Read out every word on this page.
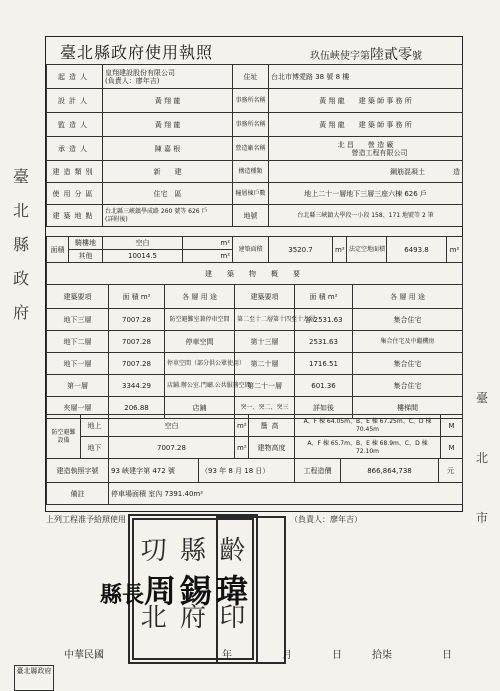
臺北縣政府使用執照	玖伍峽使字第陸貳零號
起造人	皇翔建設股份有限公司
(負責人：廖年吉)	住址	台北市博愛路 38 號 8 樓
設計人	黃 翔 龍	事務所名稱	黃 翔 龍　　建 築 師 事 務 所
監造人	黃 翔 龍	事務所名稱	黃 翔 龍　　建 築 師 事 務 所
承造人	陳 嘉 根	營造廠名稱	北 昌　　 營 造 廠
　　　　營造工程有限公司
建造類別	新　　建	構造種類	鋼筋混凝土　　　　造
使用分區	住宅　區	幢層棟戶數	地上二十一層地下三層三座六棟 626 戶
建築地點	台北縣三峽鎮學成路 260 號等 626 戶
(詳附後)	地號	台北縣三峽鎮大學段一小段 158、171 地號等 2 筆
面積	騎樓地	空白	m²	建築面積	3520.7	m²	法定空地面積	6493.8	m²
	其他	10014.5	m²						
建　築　物　概　要					
建築要項	面 積 m²	各 層 用 途	建築要項	面 積 m²	各 層 用 途
地下三層	7007.28	防空避難室兼停車空間	第二至十二層第十四至十九層	各 2531.63	集合住宅
地下二層	7007.28	停車空間	第十三層	2531.63	集合住宅及中繼機房
地下一層	7007.28	停車空間（部分供公眾使用）	第二十層	1716.51	集合住宅
第一層	3344.29	店鋪.辦公室.門廳.公共服務空間	第二十一層	601.36	集合住宅
夾層一層	206.88	店鋪	突一、突二、突三	詳如後	樓梯間
防空避難設備	地上	空白	m²	簷高	A、F 棟 64.05m、B、E 棟 67.25m、C、D 棟 70.45m	M
	地下	7007.28	m²	建物高度	A、F 棟 65.7m、B、E 棟 68.9m、C、D 棟 72.10m	M
建造執照字號	93 峽建字第 472 號	（93 年 8 月 18 日）	工程造價	866,864,738	元
備註	停車場面積 室內 7391.40m²				
上列工程准予給照使用	（負責人：廖年吉）
㓛 縣 齡
北 府 印
縣長周錫瑋
臺
北
縣
政
府
臺
北
市
中華民國	年	月　　　　日	拾柒	日
臺北縣政府
